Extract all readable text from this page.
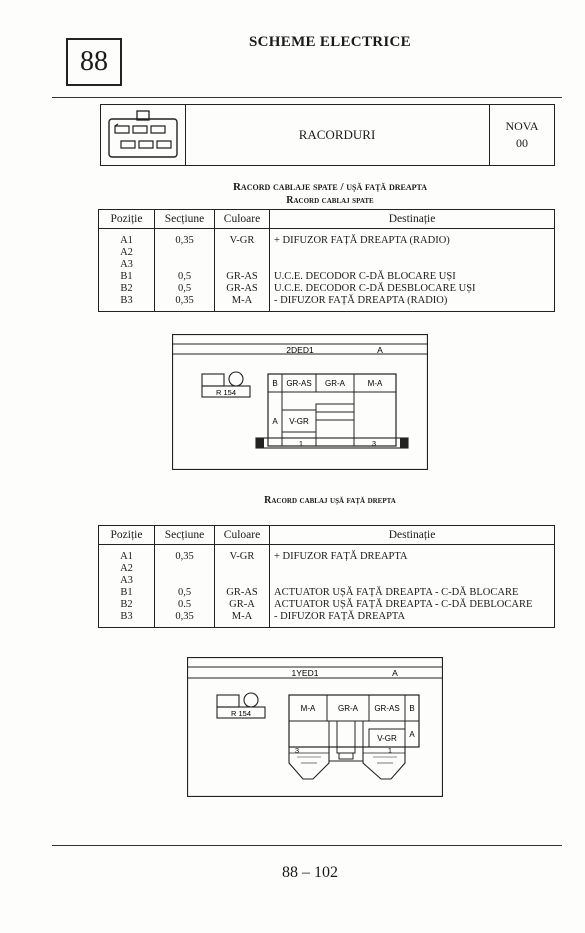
88
SCHEME ELECTRICE
RACORDURI
NOVA
00
Racord cablaje spate / ușă față dreapta
Racord cablaj spate
Poziție	Secțiune	Culoare	Destinație
A1	0,35	V-GR	+ DIFUZOR FAȚĂ DREAPTA (RADIO)
A2			
A3			
B1	0,5	GR-AS	U.C.E. DECODOR C-DĂ BLOCARE UȘI
B2	0,5	GR-AS	U.C.E. DECODOR C-DĂ DESBLOCARE UȘI
B3	0,35	M-A	- DIFUZOR FAȚĂ DREAPTA (RADIO)
2DED1	A
R 154
B GR-AS GR-A	M-A
A V-GR
1	3
Racord cablaj ușă față drepta
Poziție	Secțiune	Culoare	Destinație
A1	0,35	V-GR	+ DIFUZOR FAȚĂ DREAPTA
A2			
A3			
B1	0,5	GR-AS	ACTUATOR UȘĂ FAȚĂ DREAPTA - C-DĂ BLOCARE
B2	0.5	GR-A	ACTUATOR UȘĂ FAȚĂ DREAPTA - C-DĂ DEBLOCARE
B3	0,35	M-A	- DIFUZOR FAȚĂ DREAPTA
1YED1	A
R 154
M-A	GR-A GR-AS B
V-GR A
3	1
88 – 102
